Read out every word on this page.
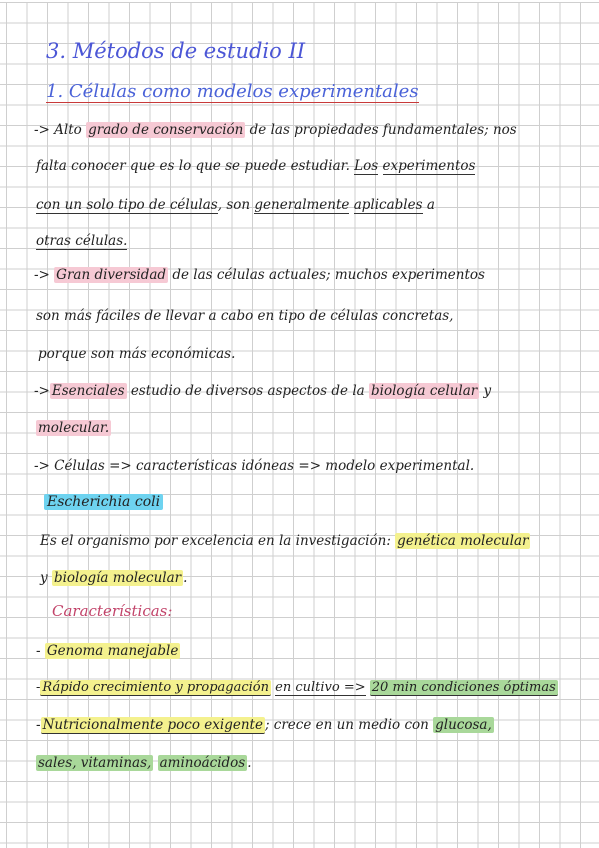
3. Métodos de estudio II
1. Células como modelos experimentales
-> Alto grado de conservación de las propiedades fundamentales; nos
falta conocer que es lo que se puede estudiar. Los experimentos
con un solo tipo de células, son generalmente aplicables a
otras células.
-> Gran diversidad de las células actuales; muchos experimentos
son más fáciles de llevar a cabo en tipo de células concretas,
porque son más económicas.
-> Esenciales estudio de diversos aspectos de la biología celular y
molecular.
-> Células => características idóneas => modelo experimental.
Escherichia coli
Es el organismo por excelencia en la investigación: genética molecular
y biología molecular .
Características:
- Genoma manejable
- Rápido crecimiento y propagación en cultivo => 20 min condiciones óptimas
- Nutricionalmente poco exigente ; crece en un medio con glucosa,
sales, vitaminas, aminoácidos .
